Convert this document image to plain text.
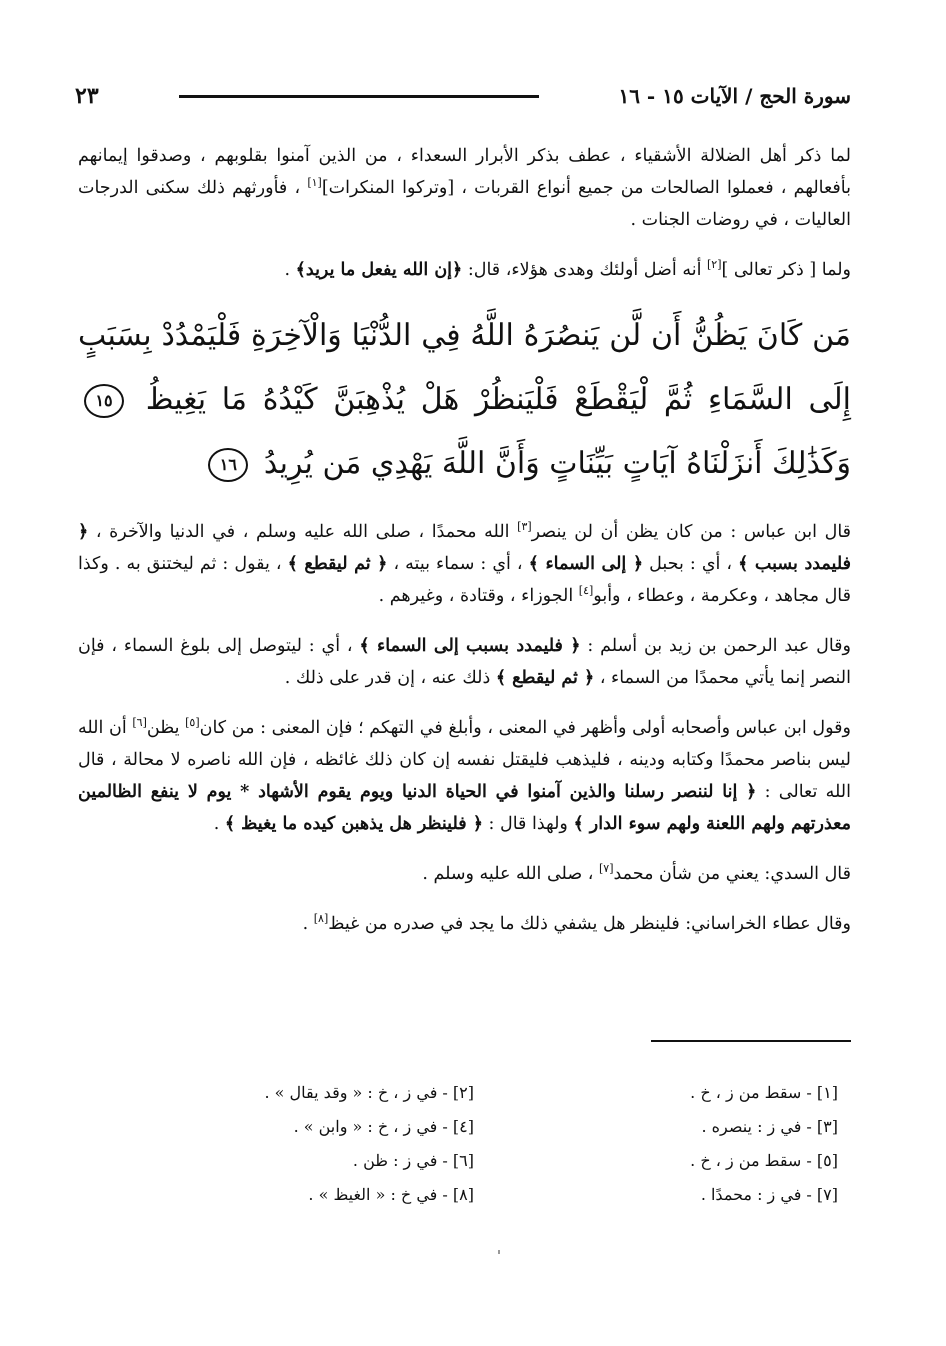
سورة الحج / الآيات ١٥ - ١٦
٢٣

لما ذكر أهل الضلالة الأشقياء ، عطف بذكر الأبرار السعداء ، من الذين آمنوا بقلوبهم ، وصدقوا إيمانهم بأفعالهم ، فعملوا الصالحات من جميع أنواع القربات ، [وتركوا المنكرات][١] ، فأورثهم ذلك سكنى الدرجات العاليات ، في روضات الجنات .

ولما [ ذكر تعالى ][٢] أنه أضل أولئك وهدى هؤلاء، قال: ﴿إن الله يفعل ما يريد﴾ .

مَن كَانَ يَظُنُّ أَن لَّن يَنصُرَهُ اللَّهُ فِي الدُّنْيَا وَالْآخِرَةِ فَلْيَمْدُدْ بِسَبَبٍ إِلَى السَّمَاءِ ثُمَّ لْيَقْطَعْ فَلْيَنظُرْ هَلْ يُذْهِبَنَّ كَيْدُهُ مَا يَغِيظُ ١٥ وَكَذَٰلِكَ أَنزَلْنَاهُ آيَاتٍ بَيِّنَاتٍ وَأَنَّ اللَّهَ يَهْدِي مَن يُرِيدُ ١٦

قال ابن عباس : من كان يظن أن لن ينصر[٣] الله محمدًا ، صلى الله عليه وسلم ، في الدنيا والآخرة ، ﴿ فليمدد بسبب ﴾ ، أي : بحبل ﴿ إلى السماء ﴾ ، أي : سماء بيته ، ﴿ ثم ليقطع ﴾ ، يقول : ثم ليختنق به . وكذا قال مجاهد ، وعكرمة ، وعطاء ، وأبو[٤] الجوزاء ، وقتادة ، وغيرهم .

وقال عبد الرحمن بن زيد بن أسلم : ﴿ فليمدد بسبب إلى السماء ﴾ ، أي : ليتوصل إلى بلوغ السماء ، فإن النصر إنما يأتي محمدًا من السماء ، ﴿ ثم ليقطع ﴾ ذلك عنه ، إن قدر على ذلك .

وقول ابن عباس وأصحابه أولى وأظهر في المعنى ، وأبلغ في التهكم ؛ فإن المعنى : من كان[٥] يظن[٦] أن الله ليس بناصر محمدًا وكتابه ودينه ، فليذهب فليقتل نفسه إن كان ذلك غائظه ، فإن الله ناصره لا محالة ، قال الله تعالى : ﴿ إنا لننصر رسلنا والذين آمنوا في الحياة الدنيا ويوم يقوم الأشهاد * يوم لا ينفع الظالمين معذرتهم ولهم اللعنة ولهم سوء الدار ﴾ ولهذا قال : ﴿ فلينظر هل يذهبن كيده ما يغيظ ﴾ .

قال السدي: يعني من شأن محمد[٧] ، صلى الله عليه وسلم .

وقال عطاء الخراساني: فلينظر هل يشفي ذلك ما يجد في صدره من غيظ[٨] .

[١] - سقط من ز ، خ .
[٢] - في ز ، خ : « وقد يقال » .
[٣] - في ز : ينصره .
[٤] - في ز ، خ : « وابن » .
[٥] - سقط من ز ، خ .
[٦] - في ز : ظن .
[٧] - في ز : محمدًا .
[٨] - في خ : « الغيظ » .
